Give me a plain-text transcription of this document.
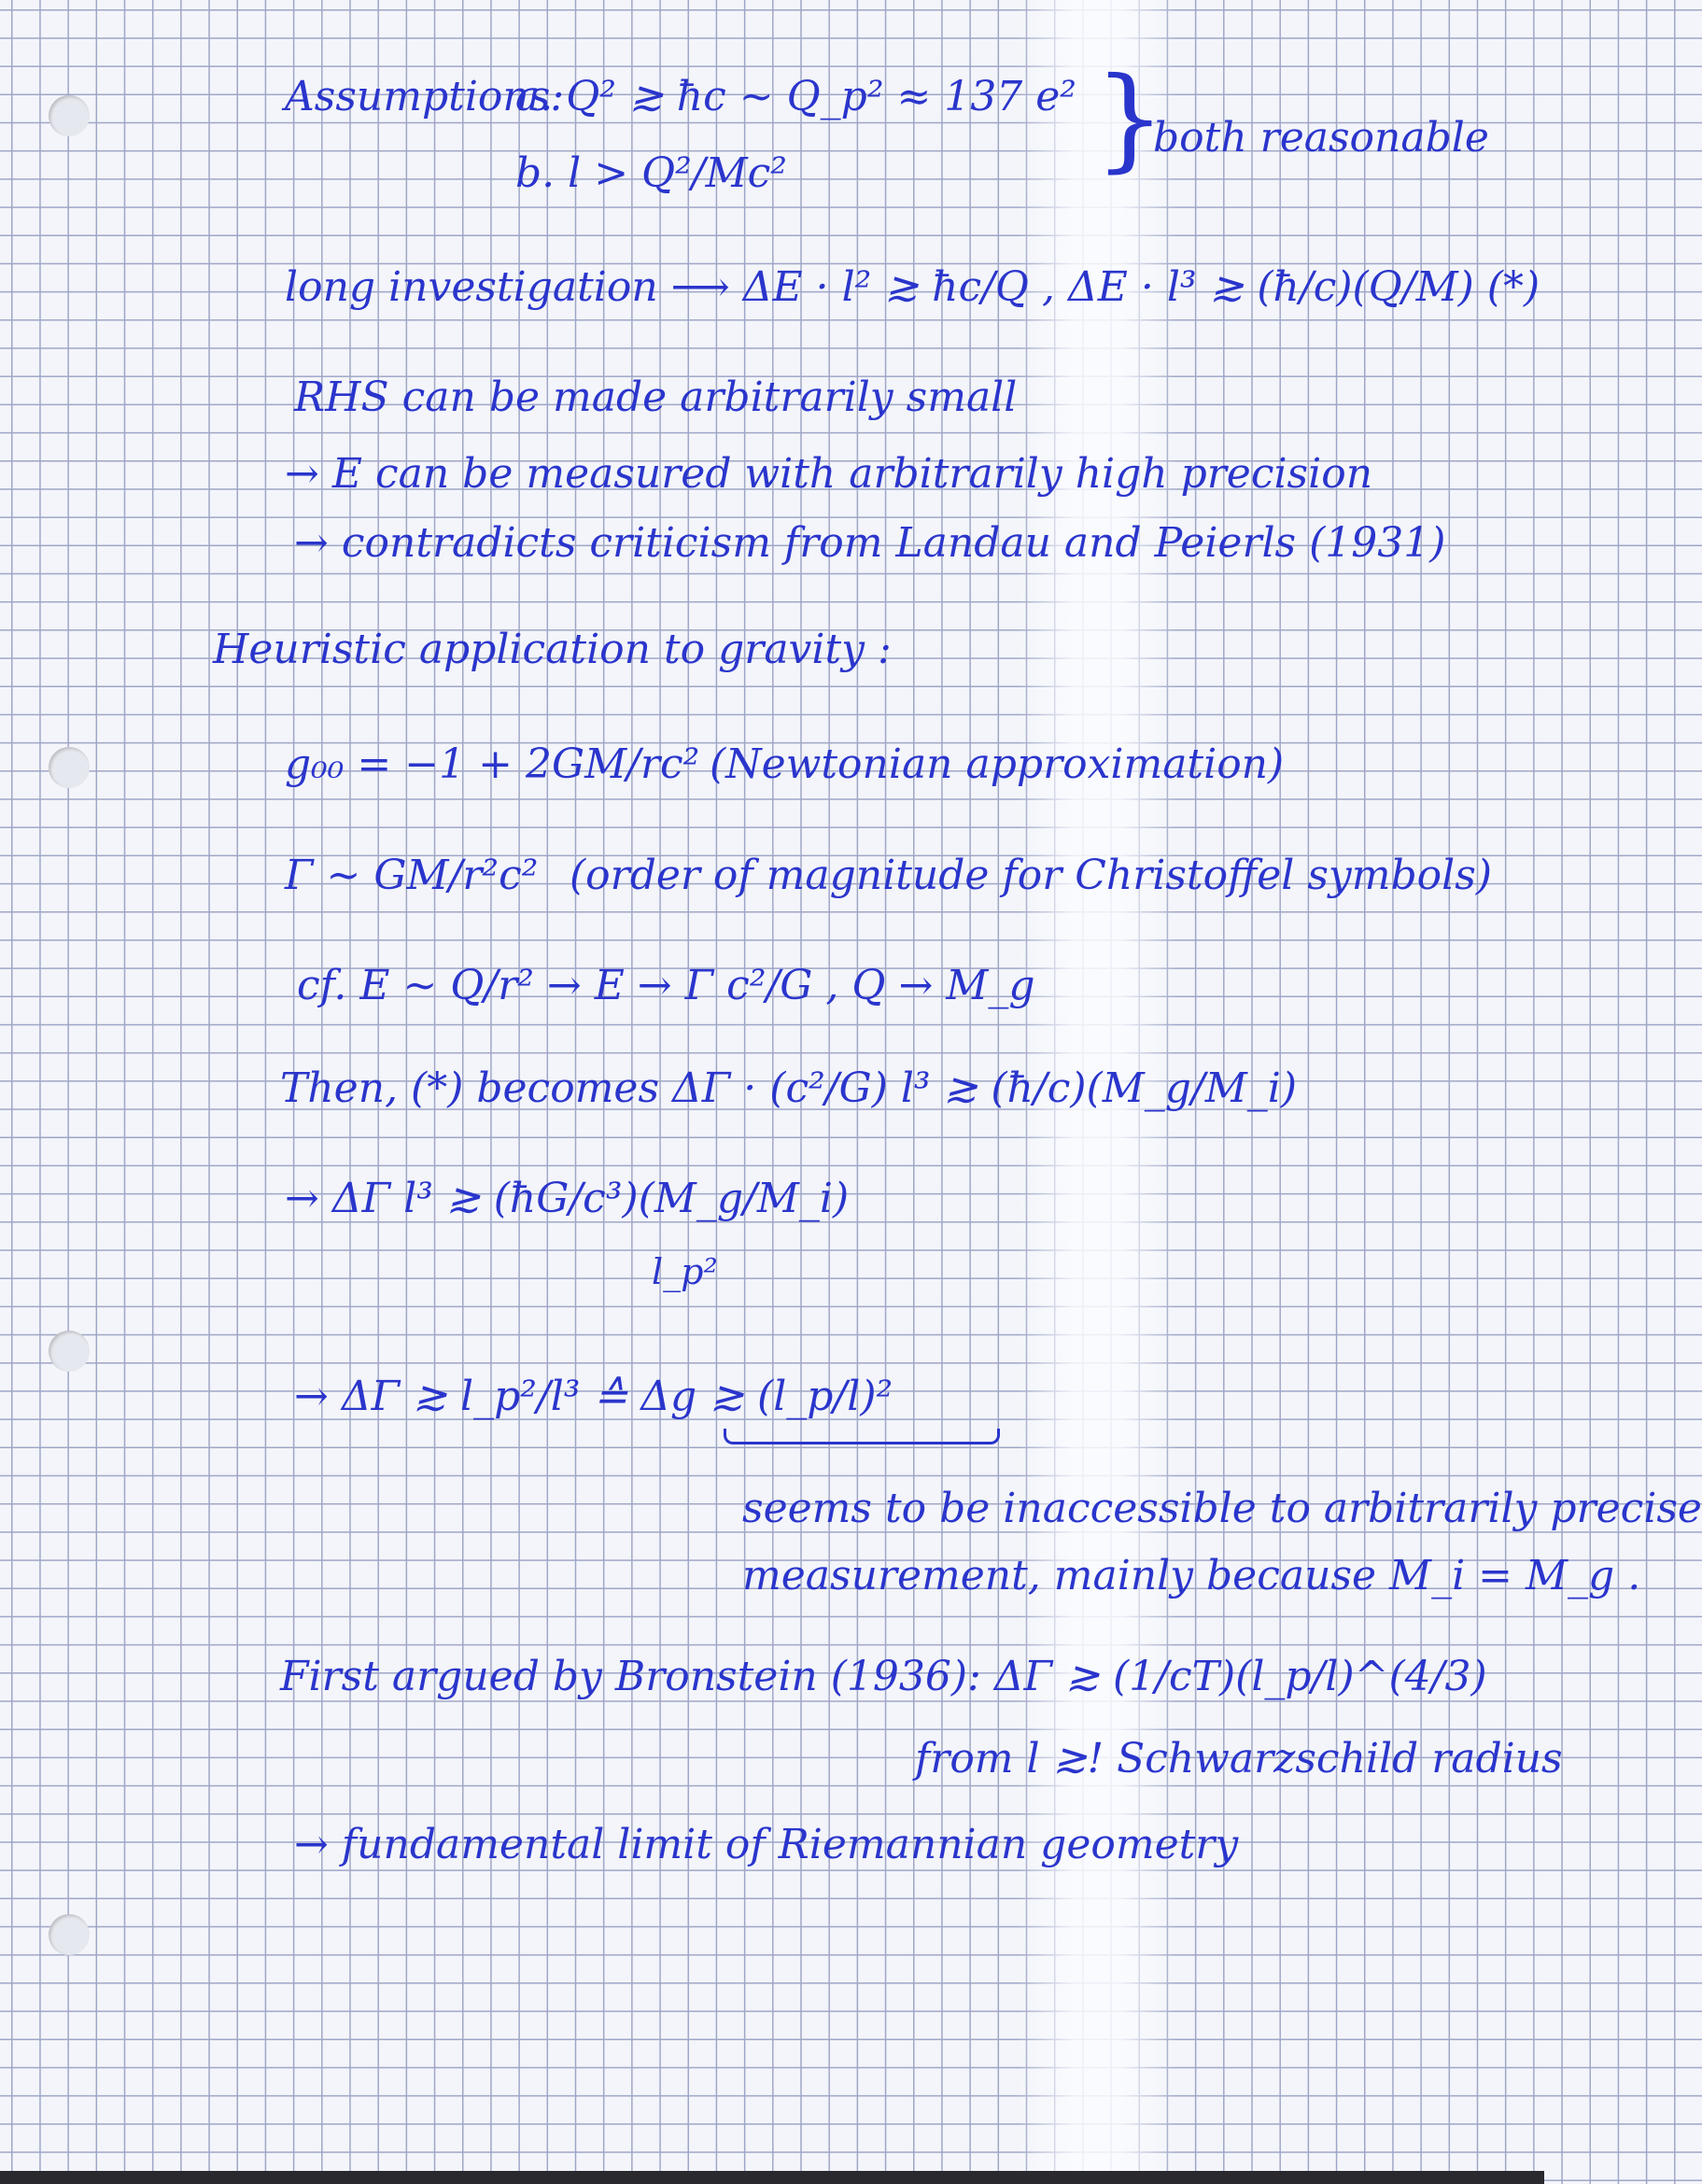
Assumptions:
a. Q² ≳ ħc ~ Q_p² ≈ 137 e²
b. l > Q²/Mc²	}
both reasonable
long investigation ⟶ ΔΕ · l² ≳ ħc/Q , ΔΕ · l³ ≳ (ħ/c)(Q/M) (*)
RHS can be made arbitrarily small
→ Ε can be measured with arbitrarily high precision
→ contradicts criticism from Landau and Peierls (1931)
Heuristic application to gravity :
g₀₀ = −1 + 2GM/rc² (Newtonian approximation)
Γ ~ GM/r²c² (order of magnitude for Christoffel symbols)
cf. Ε ~ Q/r² → Ε → Γ c²/G , Q → M_g
Then, (*) becomes ΔΓ · (c²/G) l³ ≳ (ħ/c)(M_g/M_i)
→ ΔΓ l³ ≳ (ħG/c³)(M_g/M_i)
l_p²
→ ΔΓ ≳ l_p²/l³ ≙ Δg ≳ (l_p/l)²
seems to be inaccessible to arbitrarily precise
measurement, mainly because M_i = M_g .
First argued by Bronstein (1936): ΔΓ ≳ (1/cT)(l_p/l)^(4/3)
from l ≳! Schwarzschild radius
→ fundamental limit of Riemannian geometry
